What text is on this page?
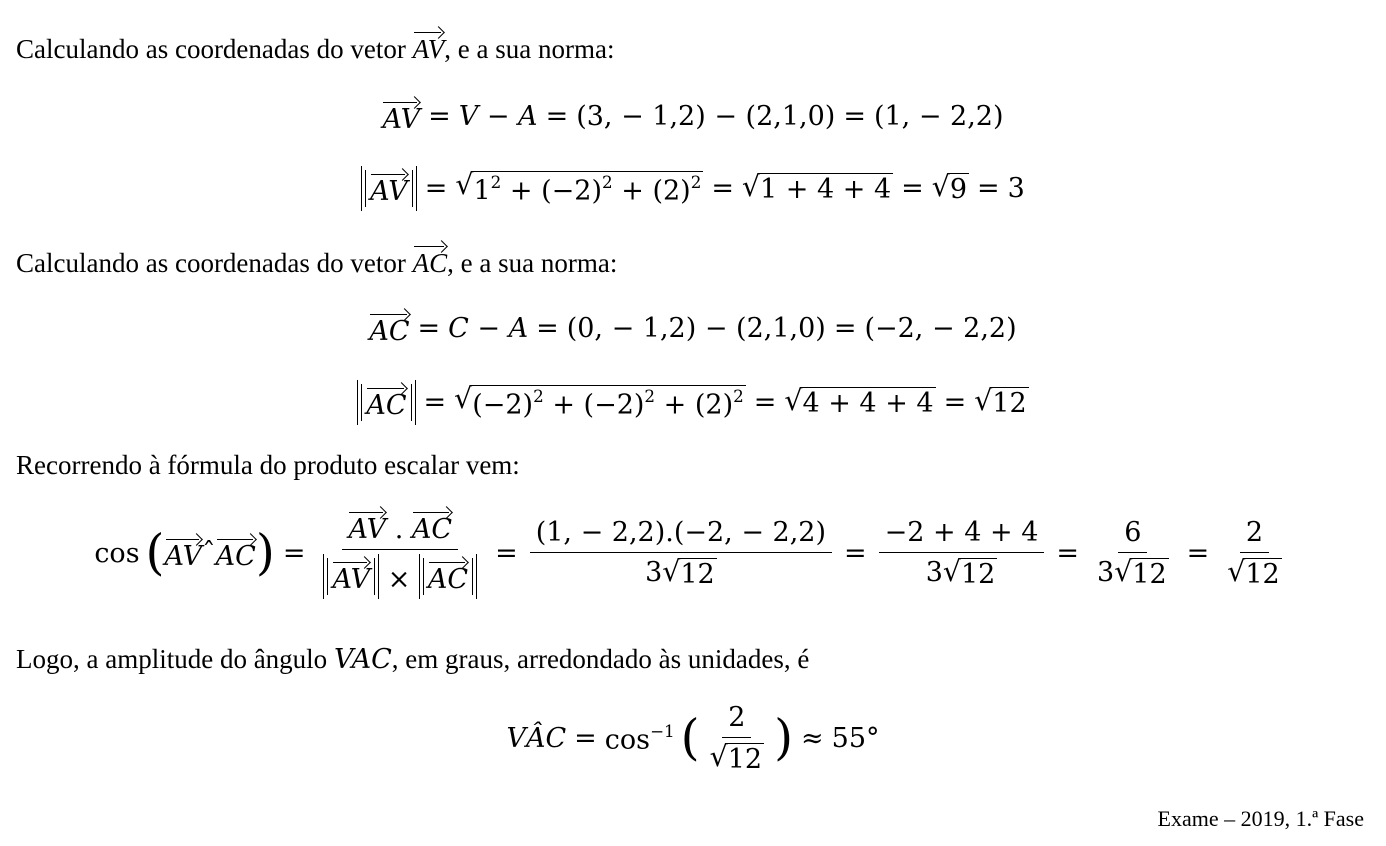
Calculando as coordenadas do vetor AV, e a sua norma:
AV = V − A = (3, − 1,2) − (2,1,0) = (1, − 2,2)
AV = √ $1^2 + (-2)^2 + (2)^2$ = √ 1 + 4 + 4 = √ 9 = 3
Calculando as coordenadas do vetor AC, e a sua norma:
AC = C − A = (0, − 1,2) − (2,1,0) = (−2, − 2,2)
AC = √ $(-2)^2 + (-2)^2 + (2)^2$ = √ 4 + 4 + 4 = √ 12
Recorrendo à fórmula do produto escalar vem:
cos ( AV ˆ AC ) = $\frac{AV . AC}{AV \times AC} = \frac{(1, - 2,2).(-2, - 2,2)}{3 √ 12} = \frac{-2 + 4 + 4}{3 √ 12} = \frac{6}{3 √ 12} = \frac{2}{√ 12}$
Logo, a amplitude do ângulo VAC, em graus, arredondado às unidades, é
V Â $C = \cos^{-1}$ ( $\frac{2}{√ 12}$ ) ≈ 55°
Exame – 2019, 1.ª Fase
